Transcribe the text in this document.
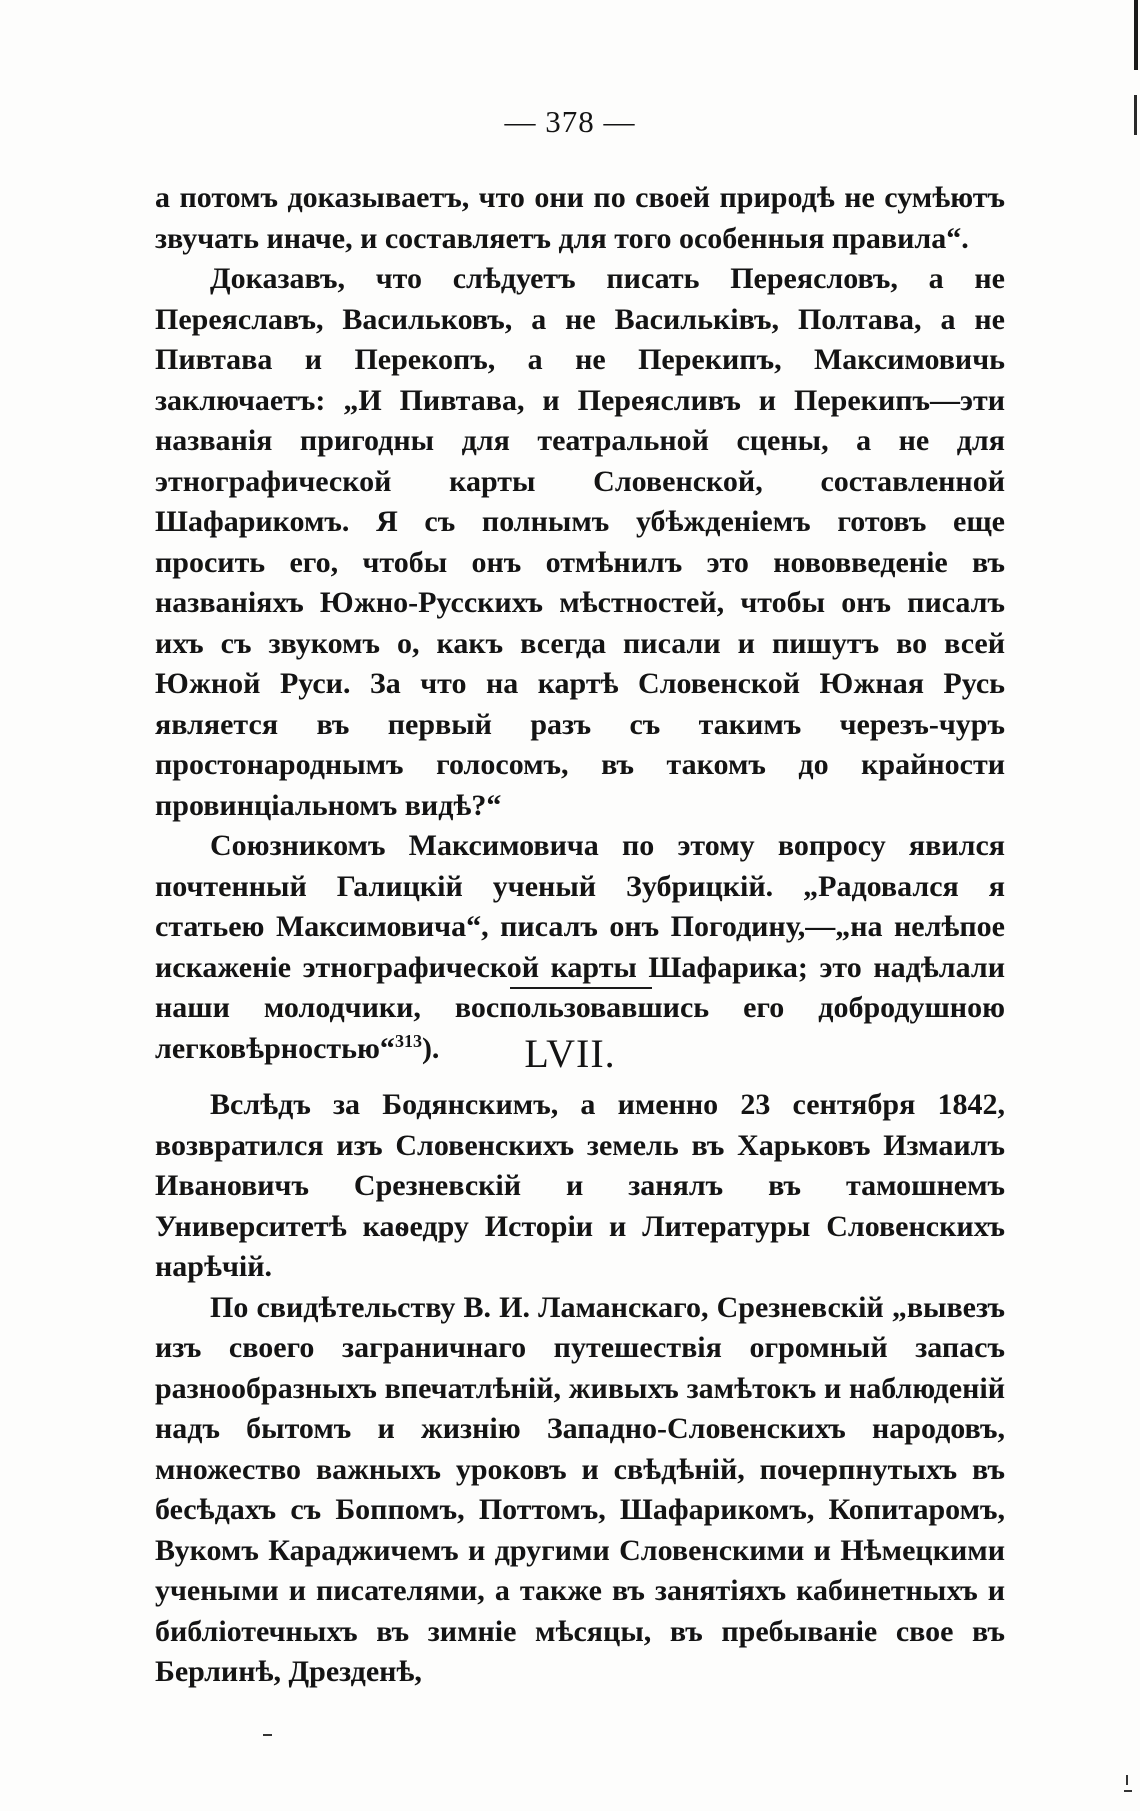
— 378 —

а потомъ доказываетъ, что они по своей природѣ не сумѣютъ звучать иначе, и составляетъ для того особенныя правила“.

Доказавъ, что слѣдуетъ писать Переясловъ, а не Переяславъ, Васильковъ, а не Васильківъ, Полтава, а не Пивтава и Перекопъ, а не Перекипъ, Максимовичь заключаетъ: „И Пивтава, и Переясливъ и Перекипъ—эти названія пригодны для театральной сцены, а не для этнографической карты Словенской, составленной Шафарикомъ. Я съ полнымъ убѣжденіемъ готовъ еще просить его, чтобы онъ отмѣнилъ это нововведеніе въ названіяхъ Южно-Русскихъ мѣстностей, чтобы онъ писалъ ихъ съ звукомъ о, какъ всегда писали и пишутъ во всей Южной Руси. За что на картѣ Словенской Южная Русь является въ первый разъ съ такимъ черезъ-чуръ простонароднымъ голосомъ, въ такомъ до крайности провинціальномъ видѣ?“

Союзникомъ Максимовича по этому вопросу явился почтенный Галицкій ученый Зубрицкій. „Радовался я статьею Максимовича“, писалъ онъ Погодину,—„на нелѣпое искаженіе этнографической карты Шафарика; это надѣлали наши молодчики, воспользовавшись его добродушною легковѣрностью“$^{313}$).	LVII.

Вслѣдъ за Бодянскимъ, а именно 23 сентября 1842, возвратился изъ Словенскихъ земель въ Харьковъ Измаилъ Ивановичъ Срезневскій и занялъ въ тамошнемъ Университетѣ каѳедру Исторіи и Литературы Словенскихъ нарѣчій.

По свидѣтельству В. И. Ламанскаго, Срезневскій „вывезъ изъ своего заграничнаго путешествія огромный запасъ разнообразныхъ впечатлѣній, живыхъ замѣтокъ и наблюденій надъ бытомъ и жизнію Западно-Словенскихъ народовъ, множество важныхъ уроковъ и свѣдѣній, почерпнутыхъ въ бесѣдахъ съ Боппомъ, Поттомъ, Шафарикомъ, Копитаромъ, Вукомъ Караджичемъ и другими Словенскими и Нѣмецкими учеными и писателями, а также въ занятіяхъ кабинетныхъ и библіотечныхъ въ зимніе мѣсяцы, въ пребываніе свое въ Берлинѣ, Дрезденѣ,
